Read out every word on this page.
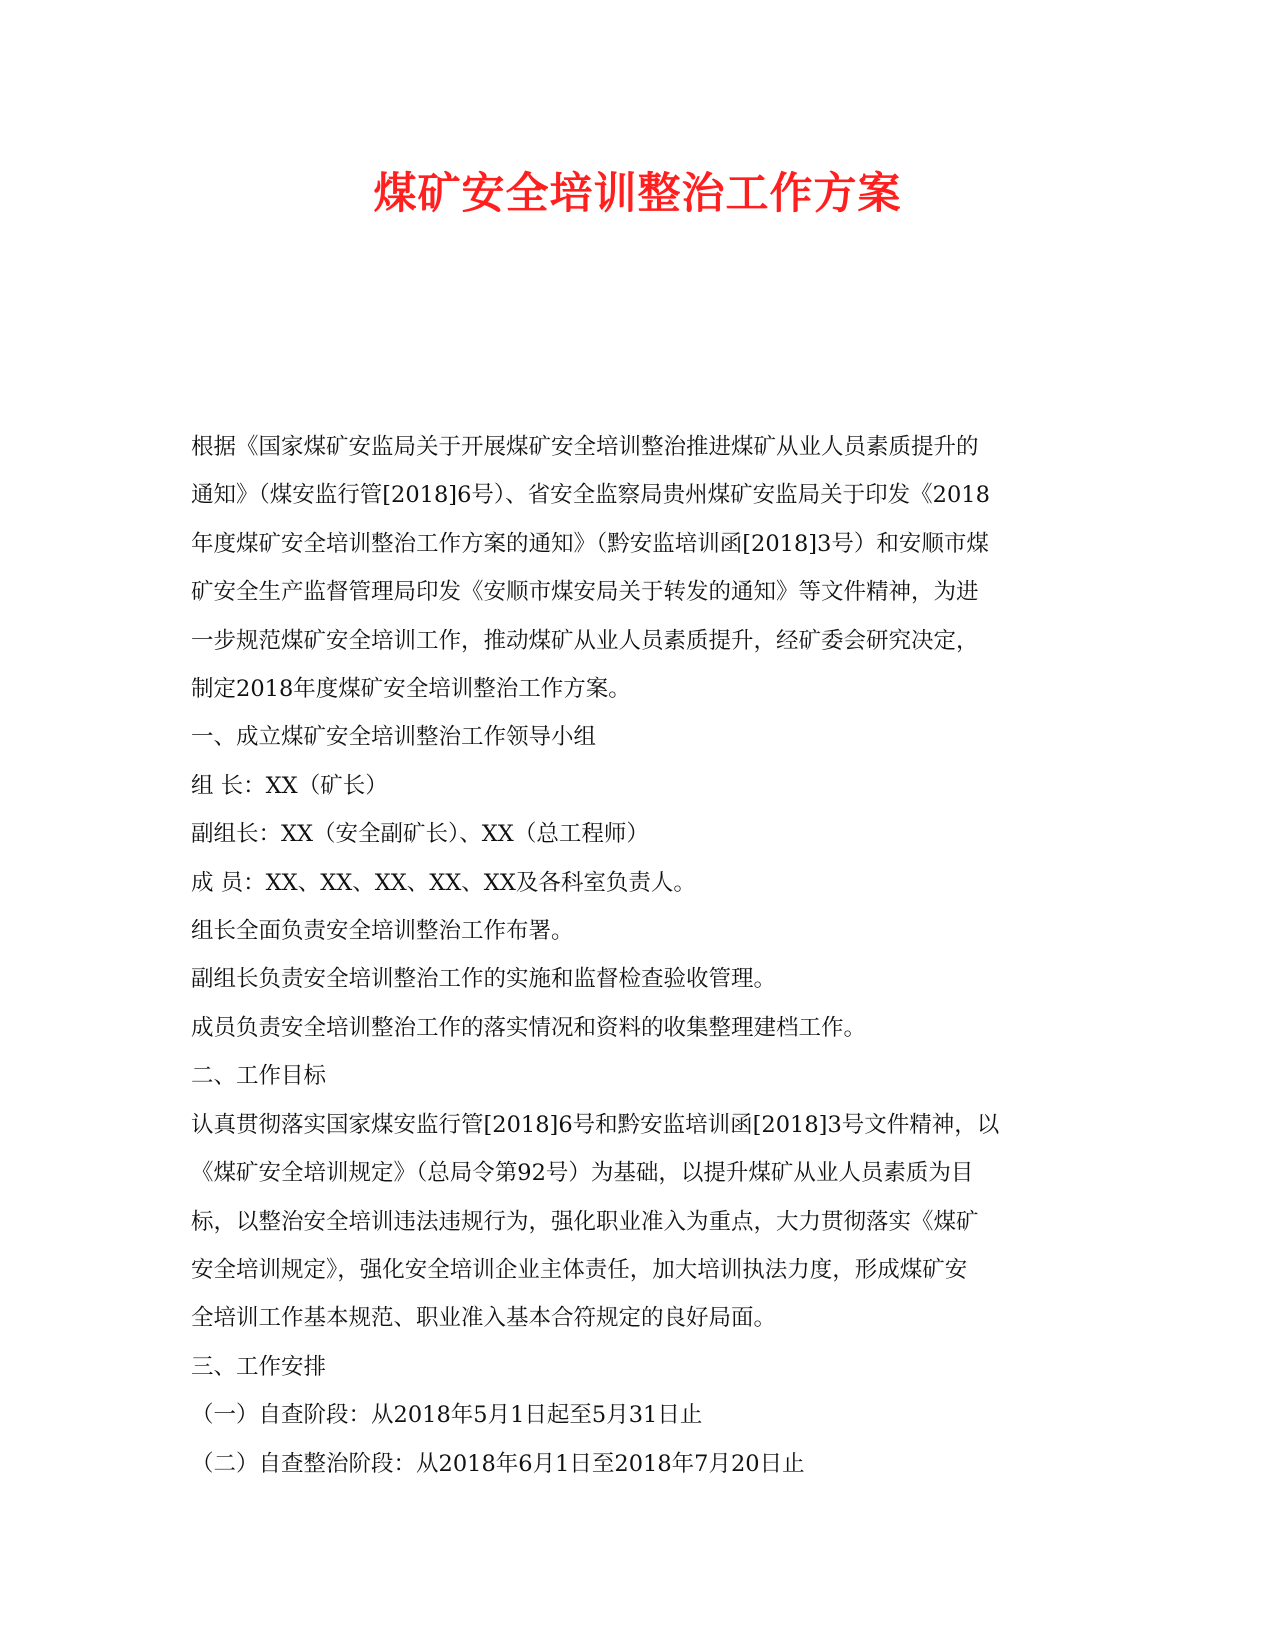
煤矿安全培训整治工作方案

根据《国家煤矿安监局关于开展煤矿安全培训整治推进煤矿从业人员素质提升的

通知》（煤安监行管[2018]6号）、省安全监察局贵州煤矿安监局关于印发《2018

年度煤矿安全培训整治工作方案的通知》（黔安监培训函[2018]3号）和安顺市煤

矿安全生产监督管理局印发《安顺市煤安局关于转发的通知》等文件精神，为进

一步规范煤矿安全培训工作，推动煤矿从业人员素质提升，经矿委会研究决定，

制定2018年度煤矿安全培训整治工作方案。

一、成立煤矿安全培训整治工作领导小组

组 长：XX（矿长）

副组长：XX（安全副矿长）、XX（总工程师）

成 员：XX、XX、XX、XX、XX及各科室负责人。

组长全面负责安全培训整治工作布署。

副组长负责安全培训整治工作的实施和监督检查验收管理。

成员负责安全培训整治工作的落实情况和资料的收集整理建档工作。

二、工作目标

认真贯彻落实国家煤安监行管[2018]6号和黔安监培训函[2018]3号文件精神，以

《煤矿安全培训规定》（总局令第92号）为基础，以提升煤矿从业人员素质为目

标，以整治安全培训违法违规行为，强化职业准入为重点，大力贯彻落实《煤矿

安全培训规定》，强化安全培训企业主体责任，加大培训执法力度，形成煤矿安

全培训工作基本规范、职业准入基本合符规定的良好局面。

三、工作安排

（一）自查阶段：从2018年5月1日起至5月31日止

（二）自查整治阶段：从2018年6月1日至2018年7月20日止
